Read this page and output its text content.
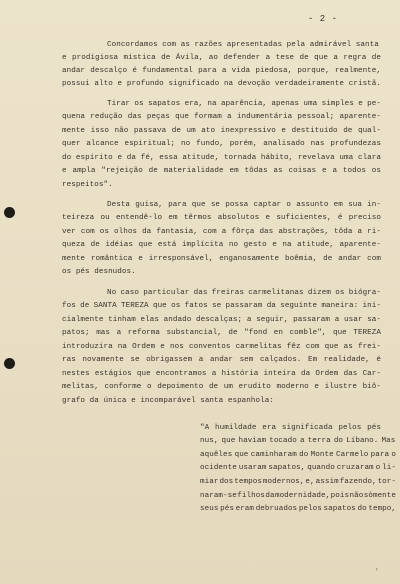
- 2 -
Concordamos com as razões apresentadas pela admirável santa
e prodigiosa mística de Ávila, ao defender a tese de que a regra de
andar descalço é fundamental para a vida piedosa, porque, realmente,
possui alto e profundo significado na devoção verdadeiramente cristã.
Tirar os sapatos era, na aparência, apenas uma simples e pe-
quena redução das peças que formam a indumentária pessoal; aparente-
mente isso não passava de um ato inexpressivo e destituído de qual-
quer alcance espiritual; no fundo, porém, analisado nas profundezas
do espírito e da fé, essa atitude, tornada hábito, revelava uma clara
e ampla "rejeição de materialidade em tôdas as coisas e a todos os
respeitos".
Desta guisa, para que se possa captar o assunto em sua in-
teireza ou entendê-lo em têrmos absolutos e suficientes, é preciso
ver com os olhos da fantasia, com a fôrça das abstrações, tôda a ri-
queza de idéias que está implícita no gesto e na atitude, aparente-
mente romântica e irresponsável, enganosamente boêmia, de andar com
os pés desnudos.
No caso particular das freiras carmelitanas dizem os biógra-
fos de SANTA TEREZA que os fatos se passaram da seguinte maneira: ini-
cialmente tinham elas andado descalças; a seguir, passaram a usar sa-
patos; mas a reforma substancial, de "fond en comble", que TEREZA
introduzira na Ordem e nos conventos carmelitas fêz com que as frei-
ras novamente se obrigassem a andar sem calçados. Em realidade, é
nestes estágios que encontramos a história inteira da Ordem das Car-
melitas, conforme o depoimento de um erudito moderno e ilustre biô-
grafo da única e incomparável santa espanhola:
"A humildade era significada pelos pés
nus, que haviam tocado a terra do Líbano. Mas
aquêles que caminharam do Monte Carmelo para o
ocidente usaram sapatos, quando cruzaram o li-
miar dos tempos modernos, e, assim fazendo, tor-
naram-se filhos da modernidade, pois não sòmente
seus pés eram debruados pelos sapatos do tempo,
‹
